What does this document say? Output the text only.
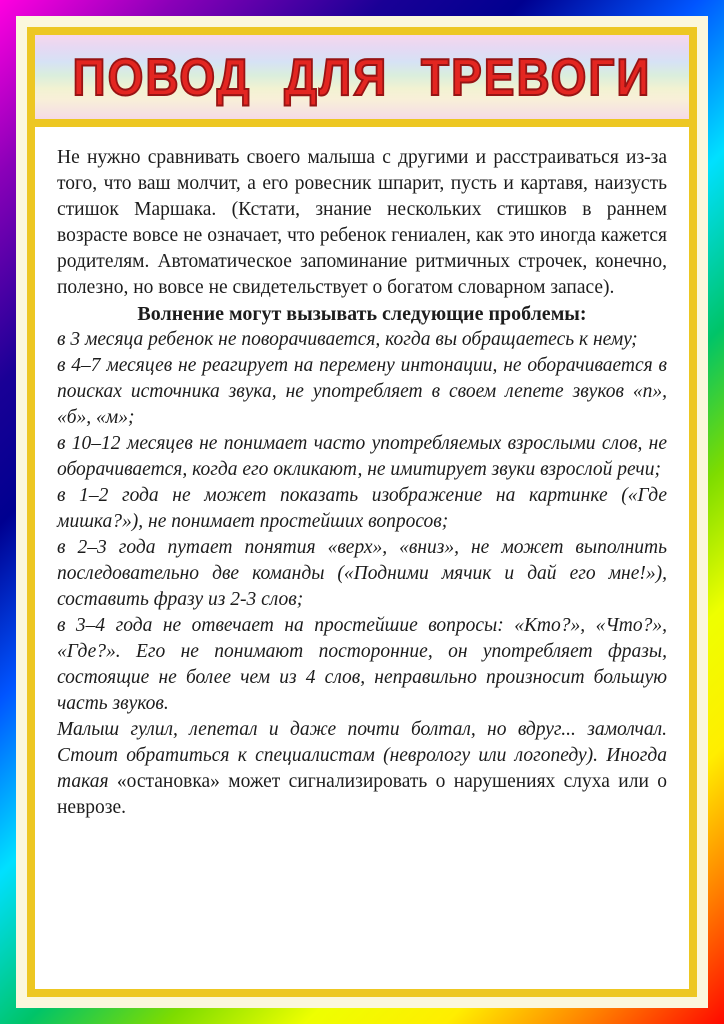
ПОВОД ДЛЯ ТРЕВОГИ

Не нужно сравнивать своего малыша с другими и расстраиваться из-за того, что ваш молчит, а его ровесник шпарит, пусть и картавя, наизусть стишок Маршака. (Кстати, знание нескольких стишков в раннем возрасте вовсе не означает, что ребенок гениален, как это иногда кажется родителям. Автоматическое запоминание ритмичных строчек, конечно, полезно, но вовсе не свидетельствует о богатом словарном запасе).

Волнение могут вызывать следующие проблемы:

в 3 месяца ребенок не поворачивается, когда вы обращаетесь к нему;

в 4–7 месяцев не реагирует на перемену интонации, не оборачивается в поисках источника звука, не употребляет в своем лепете звуков «п», «б», «м»;

в 10–12 месяцев не понимает часто употребляемых взрослыми слов, не оборачивается, когда его окликают, не имитирует звуки взрослой речи;

в 1–2 года не может показать изображение на картинке («Где мишка?»), не понимает простейших вопросов;

в 2–3 года путает понятия «верх», «вниз», не может выполнить последовательно две команды («Подними мячик и дай его мне!»), составить фразу из 2-3 слов;

в 3–4 года не отвечает на простейшие вопросы: «Кто?», «Что?», «Где?». Его не понимают посторонние, он употребляет фразы, состоящие не более чем из 4 слов, неправильно произносит большую часть звуков.

Малыш гулил, лепетал и даже почти болтал, но вдруг... замолчал. Стоит обратиться к специалистам (неврологу или логопеду). Иногда такая «остановка» может сигнализировать о нарушениях слуха или о неврозе.
